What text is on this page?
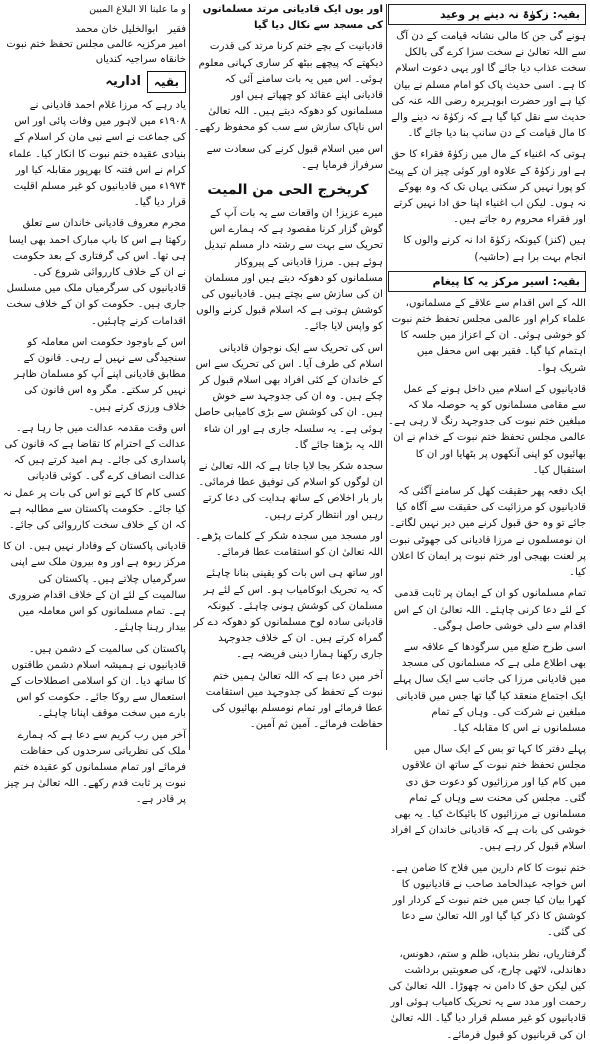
بقیہ: زکوٰۃ نہ دینے پر وعید

ہونے گی جن کا مالی نشانہ قیامت کے دن آگ سے اللہ تعالیٰ نے سخت سزا کرے گی بالکل سخت عذاب دیا جائے گا اور یہی دعوت اسلام کا ہے۔ اسی حدیث پاک کو امام مسلم نے بیان کیا ہے اور حضرت ابوہریرہ رضی اللہ عنہ کی حدیث سے نقل کیا گیا ہے کہ زکوٰۃ نہ دینے والے کا مال قیامت کے دن سانپ بنا دیا جائے گا۔

ہوتی کہ اغنیاء کے مال میں زکوٰۃ فقراء کا حق ہے اور زکوٰۃ کے علاوہ اور کوئی چیز ان کے پیٹ کو پورا نہیں کر سکتی یہاں تک کہ وہ بھوکے نہ ہوں۔ لیکن اب اغنیاء اپنا حق ادا نہیں کرتے اور فقراء محروم رہ جاتے ہیں۔

ہیں (کنز) کیونکہ زکوٰۃ ادا نہ کرنے والوں کا انجام بہت برا ہے (حاشیہ)

بقیہ: اسیر مرکز یہ کا پیغام

اللہ کے اس اقدام سے علاقے کے مسلمانوں، علماء کرام اور عالمی مجلس تحفظ ختم نبوت کو خوشی ہوئی۔ ان کے اعزاز میں جلسہ کا اہتمام کیا گیا۔ فقیر بھی اس محفل میں شریک ہوا۔

قادیانیوں کے اسلام میں داخل ہونے کے عمل سے مقامی مسلمانوں کو یہ حوصلہ ملا کہ مبلغین ختم نبوت کی جدوجہد رنگ لا رہی ہے۔ عالمی مجلس تحفظ ختم نبوت کے خدام نے ان بھائیوں کو اپنی آنکھوں پر بٹھایا اور ان کا استقبال کیا۔

ایک دفعہ پھر حقیقت کھل کر سامنے آگئی کہ قادیانیوں کو مرزائیت کی حقیقت سے آگاہ کیا جائے تو وہ حق قبول کرنے میں دیر نہیں لگاتے۔ ان نومسلموں نے مرزا قادیانی کی جھوٹی نبوت پر لعنت بھیجی اور ختم نبوت پر ایمان کا اعلان کیا۔

تمام مسلمانوں کو ان کے ایمان پر ثابت قدمی کے لئے دعا کرنی چاہئے۔ اللہ تعالیٰ ان کے اس اقدام سے دلی خوشی حاصل ہوگی۔

اسی طرح ضلع میں سرگودھا کے علاقہ سے بھی اطلاع ملی ہے کہ مسلمانوں کی مسجد میں قادیانی مرزا کی جانب سے ایک سال پہلے ایک اجتماع منعقد کیا گیا تھا جس میں قادیانی مبلغین نے شرکت کی۔ وہاں کے تمام مسلمانوں نے اس کا مقابلہ کیا۔

پہلے دفتر کا کہا تو بس کے ایک سال میں مجلس تحفظ ختم نبوت کے ساتھ ان علاقوں میں کام کیا اور مرزائیوں کو دعوت حق دی گئی۔ مجلس کی محنت سے وہاں کے تمام مسلمانوں نے مرزائیوں کا بائیکاٹ کیا۔ یہ بھی خوشی کی بات ہے کہ قادیانی خاندان کے افراد اسلام قبول کر رہے ہیں۔

ختم نبوت کا کام دارین میں فلاح کا ضامن ہے۔ اس خواجہ عبدالحامد صاحب نے قادیانیوں کا کھرا بیان کیا جس میں ختم نبوت کے کردار اور کوشش کا ذکر کیا گیا اور اللہ تعالیٰ سے دعا کی گئی۔

گرفتاریاں، نظر بندیاں، ظلم و ستم، دھونس، دھاندلی، لاٹھی چارج، کی صعوبتیں برداشت کیں لیکن حق کا دامن نہ چھوڑا۔ اللہ تعالیٰ کی رحمت اور مدد سے یہ تحریک کامیاب ہوئی اور قادیانیوں کو غیر مسلم قرار دیا گیا۔ اللہ تعالیٰ ان کی قربانیوں کو قبول فرمائے۔

اور یوں ایک قادیانی مرتد مسلمانوں کی مسجد سے نکال دیا گیا

قادیانیت کے بچے ختم کرنا مرتد کی قدرت دیکھتے کہ پیچھے بیٹھ کر ساری کہانی معلوم ہوئی۔ اس میں یہ بات سامنے آئی کہ قادیانی اپنے عقائد کو چھپاتے ہیں اور مسلمانوں کو دھوکہ دیتے ہیں۔ اللہ تعالیٰ اس ناپاک سازش سے سب کو محفوظ رکھے۔

اس میں اسلام قبول کرنے کی سعادت سے سرفراز فرمایا ہے۔

کریخرج الحی من المیت

میرے عزیز! ان واقعات سے یہ بات آپ کے گوش گزار کرنا مقصود ہے کہ ہمارے اس تحریک سے بہت سے رشتہ دار مسلم تبدیل ہوئے ہیں۔ مرزا قادیانی کے پیروکار مسلمانوں کو دھوکہ دیتے ہیں اور مسلمان ان کی سازش سے بچتے ہیں۔ قادیانیوں کی کوشش ہوتی ہے کہ اسلام قبول کرنے والوں کو واپس لایا جائے۔

اس کی تحریک سے ایک نوجوان قادیانی اسلام کی طرف آیا۔ اس کی تحریک سے اس کے خاندان کے کئی افراد بھی اسلام قبول کر چکے ہیں۔ وہ ان کی جدوجہد سے خوش ہیں۔ ان کی کوشش سے بڑی کامیابی حاصل ہوئی ہے۔ یہ سلسلہ جاری ہے اور ان شاء اللہ یہ بڑھتا جائے گا۔

سجدہ شکر بجا لایا جاتا ہے کہ اللہ تعالیٰ نے ان لوگوں کو اسلام کی توفیق عطا فرمائی۔ بار بار اخلاص کے ساتھ ہدایت کی دعا کرتے رہیں اور انتظار کرتے رہیں۔

اور مسجد میں سجدہ شکر کے کلمات پڑھے۔ اللہ تعالیٰ ان کو استقامت عطا فرمائے۔

اور ساتھ ہی اس بات کو یقینی بنانا چاہئے کہ یہ تحریک ابوکامیاب ہو۔ اس کے لئے ہر مسلمان کی کوشش ہونی چاہئے۔ کیونکہ قادیانی سادہ لوح مسلمانوں کو دھوکہ دے کر گمراہ کرتے ہیں۔ ان کے خلاف جدوجہد جاری رکھنا ہمارا دینی فریضہ ہے۔

آخر میں دعا ہے کہ اللہ تعالیٰ ہمیں ختم نبوت کے تحفظ کی جدوجہد میں استقامت عطا فرمائے اور تمام نومسلم بھائیوں کی حفاظت فرمائے۔ آمین ثم آمین۔

و ما علینا الا البلاغ المبین

فقیر   ابوالخلیل خان محمد
امیر مرکزیہ عالمی مجلس تحفظ ختم نبوت
خانقاہ سراجیہ کندیاں
بقیہ
اداریہ

یاد رہے کہ مرزا غلام احمد قادیانی نے ۱۹۰۸ء میں لاہور میں وفات پائی اور اس کی جماعت نے اسے نبی مان کر اسلام کے بنیادی عقیدہ ختم نبوت کا انکار کیا۔ علماء کرام نے اس فتنہ کا بھرپور مقابلہ کیا اور ۱۹۷۴ء میں قادیانیوں کو غیر مسلم اقلیت قرار دیا گیا۔

مجرم معروف قادیانی خاندان سے تعلق رکھتا ہے اس کا باپ مبارک احمد بھی ایسا ہی تھا۔ اس کی گرفتاری کے بعد حکومت نے ان کے خلاف کارروائی شروع کی۔ قادیانیوں کی سرگرمیاں ملک میں مسلسل جاری ہیں۔ حکومت کو ان کے خلاف سخت اقدامات کرنے چاہئیں۔

اس کے باوجود حکومت اس معاملہ کو سنجیدگی سے نہیں لے رہی۔ قانون کے مطابق قادیانی اپنے آپ کو مسلمان ظاہر نہیں کر سکتے۔ مگر وہ اس قانون کی خلاف ورزی کرتے ہیں۔

اس وقت مقدمہ عدالت میں جا رہا ہے۔ عدالت کے احترام کا تقاضا ہے کہ قانون کی پاسداری کی جائے۔ ہم امید کرتے ہیں کہ عدالت انصاف کرے گی۔ کوئی قادیانی کسی کام کا کہے تو اس کی بات پر عمل نہ کیا جائے۔ حکومت پاکستان سے مطالبہ ہے کہ ان کے خلاف سخت کارروائی کی جائے۔

قادیانی پاکستان کے وفادار نہیں ہیں۔ ان کا مرکز ربوہ ہے اور وہ بیرون ملک سے اپنی سرگرمیاں چلاتے ہیں۔ پاکستان کی سالمیت کے لئے ان کے خلاف اقدام ضروری ہے۔ تمام مسلمانوں کو اس معاملہ میں بیدار رہنا چاہئے۔

پاکستان کی سالمیت کے دشمن ہیں۔ قادیانیوں نے ہمیشہ اسلام دشمن طاقتوں کا ساتھ دیا۔ ان کو اسلامی اصطلاحات کے استعمال سے روکا جائے۔ حکومت کو اس بارے میں سخت موقف اپنانا چاہئے۔

آخر میں رب کریم سے دعا ہے کہ ہمارے ملک کی نظریاتی سرحدوں کی حفاظت فرمائے اور تمام مسلمانوں کو عقیدہ ختم نبوت پر ثابت قدم رکھے۔ اللہ تعالیٰ ہر چیز پر قادر ہے۔
